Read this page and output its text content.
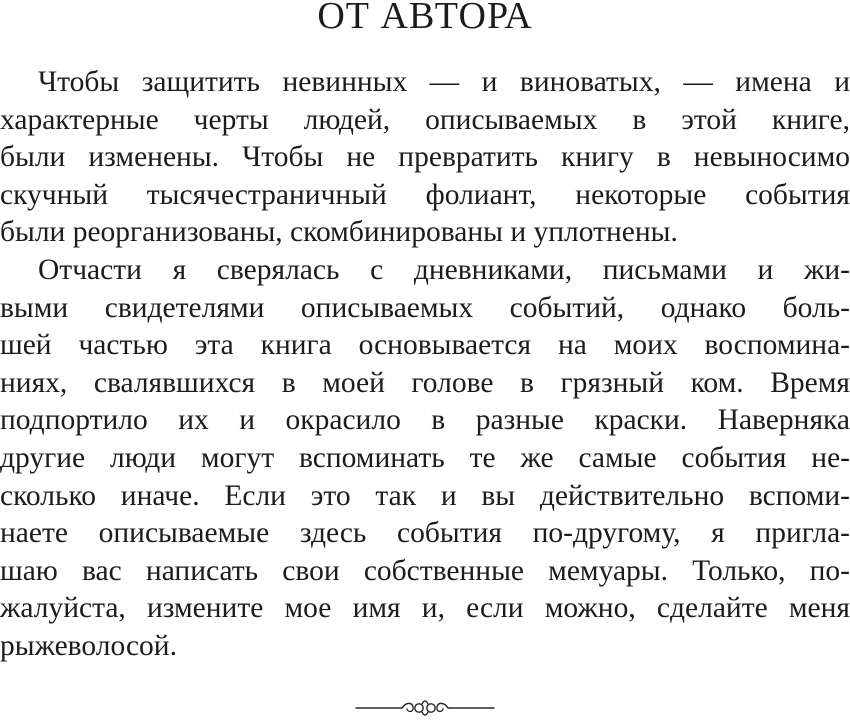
ОТ АВТОРА

Чтобы защитить невинных — и виноватых, — имена и
характерные черты людей, описываемых в этой книге,
были изменены. Чтобы не превратить книгу в невыносимо
скучный тысячестраничный фолиант, некоторые события
были реорганизованы, скомбинированы и уплотнены.

Отчасти я сверялась с дневниками, письмами и жи-
выми свидетелями описываемых событий, однако боль-
шей частью эта книга основывается на моих воспомина-
ниях, свалявшихся в моей голове в грязный ком. Время
подпортило их и окрасило в разные краски. Наверняка
другие люди могут вспоминать те же самые события не-
сколько иначе. Если это так и вы действительно вспоми-
наете описываемые здесь события по-другому, я пригла-
шаю вас написать свои собственные мемуары. Только, по-
жалуйста, измените мое имя и, если можно, сделайте меня
рыжеволосой.
